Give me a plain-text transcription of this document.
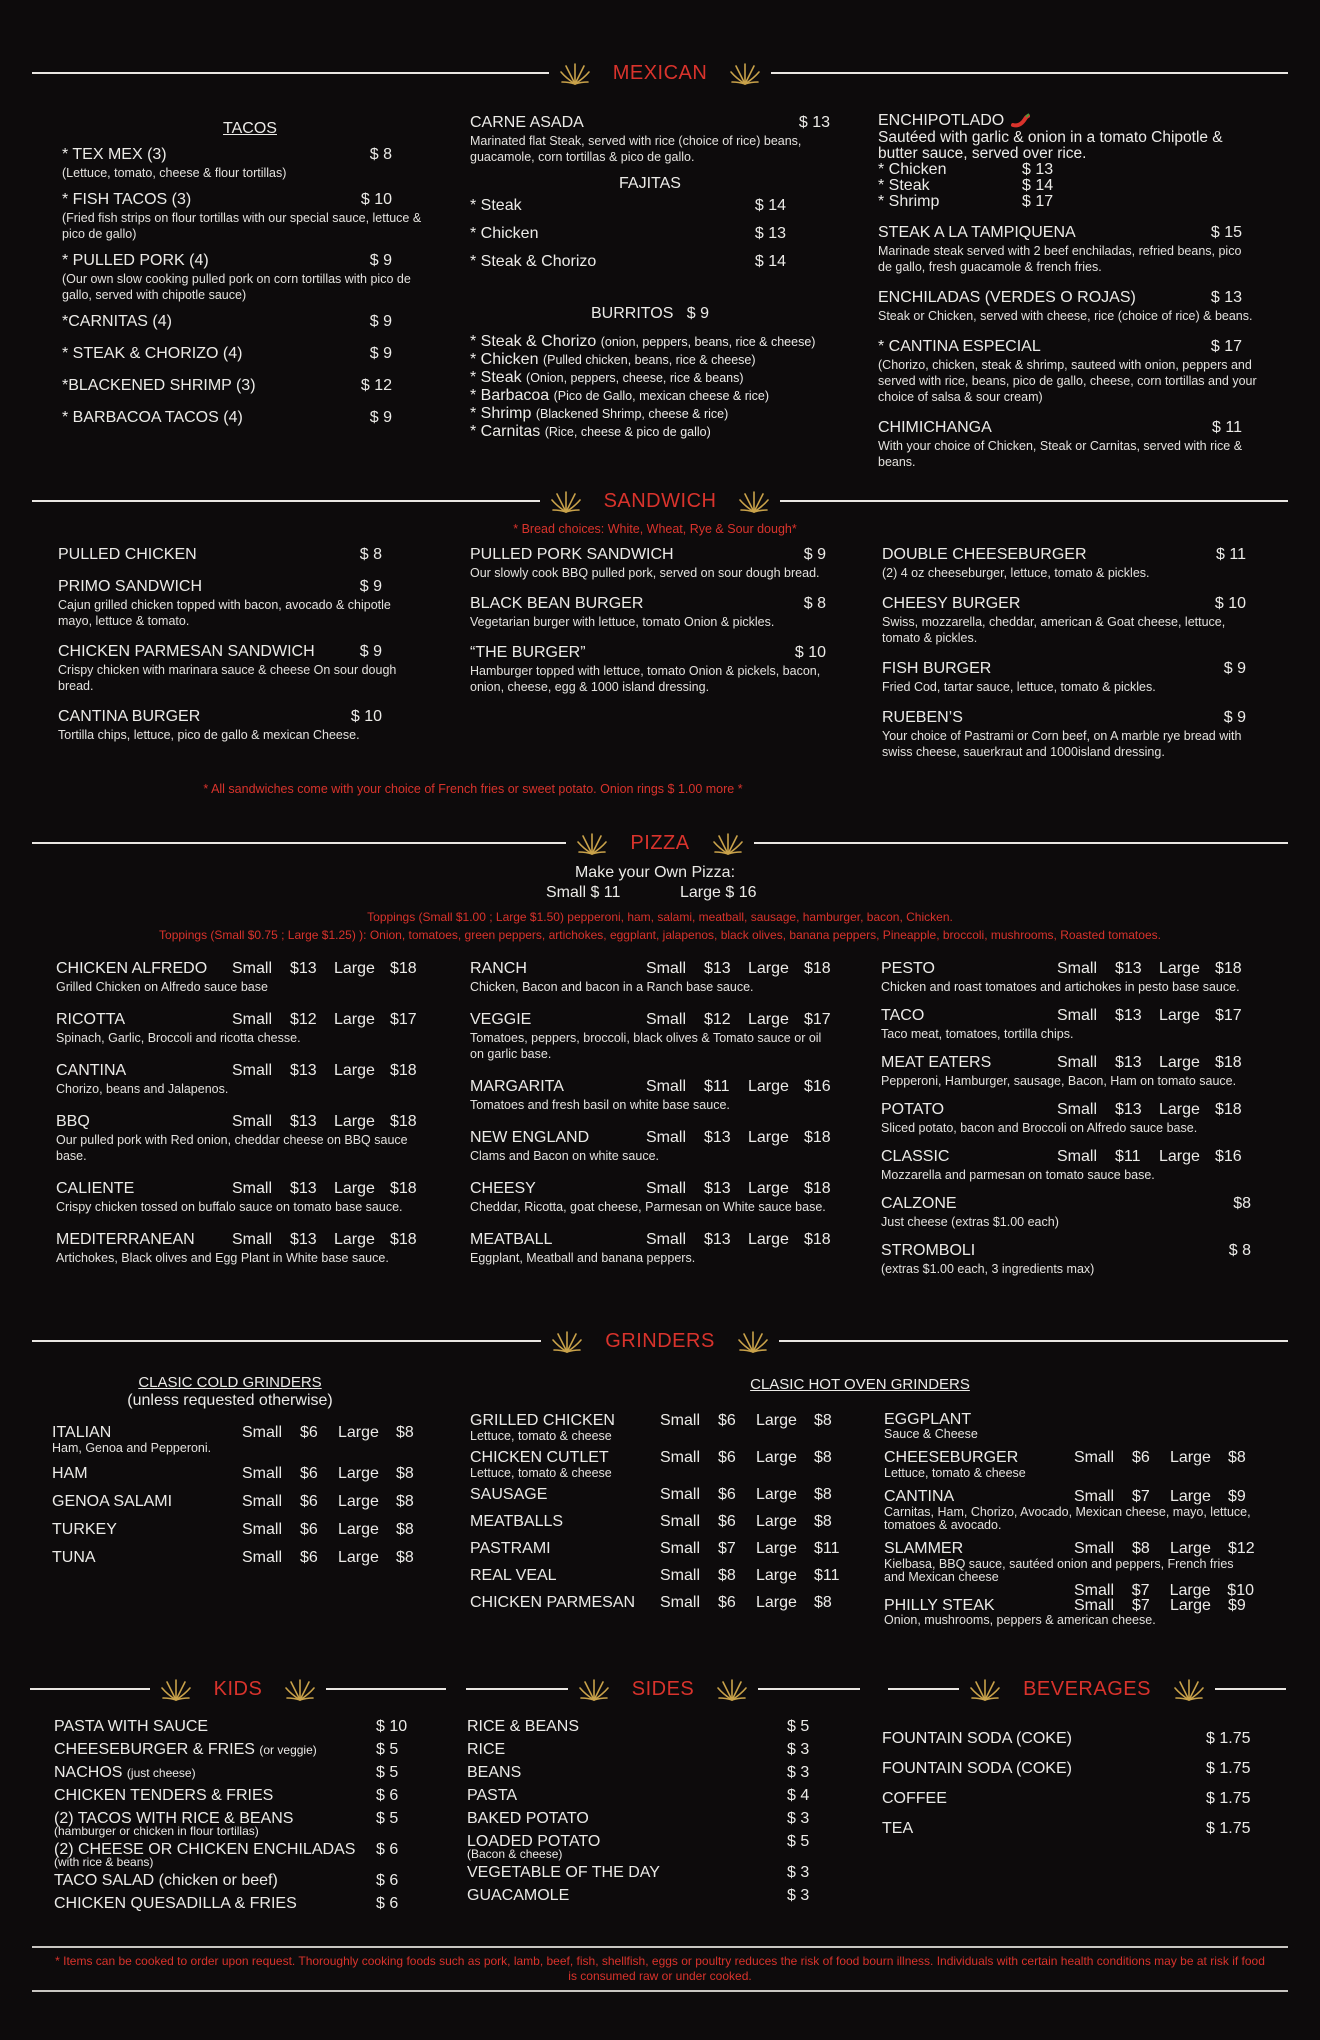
MEXICAN
TACOS
* TEX MEX (3)	$ 8
(Lettuce, tomato, cheese & flour tortillas)
* FISH TACOS (3)	$ 10
(Fried fish strips on flour tortillas with our special sauce, lettuce & pico de gallo)
* PULLED PORK (4)	$ 9
(Our own slow cooking pulled pork on corn tortillas with pico de gallo, served with chipotle sauce)
*CARNITAS (4)	$ 9
* STEAK & CHORIZO (4)	$ 9
*BLACKENED SHRIMP (3)	$ 12
* BARBACOA TACOS (4)	$ 9
CARNE ASADA	$ 13
Marinated flat Steak, served with rice (choice of rice) beans, guacamole, corn tortillas & pico de gallo.
FAJITAS
* Steak	$ 14
* Chicken	$ 13
* Steak & Chorizo	$ 14
BURRITOS $ 9
* Steak & Chorizo (onion, peppers, beans, rice & cheese)
* Chicken (Pulled chicken, beans, rice & cheese)
* Steak (Onion, peppers, cheese, rice & beans)
* Barbacoa (Pico de Gallo, mexican cheese & rice)
* Shrimp (Blackened Shrimp, cheese & rice)
* Carnitas (Rice, cheese & pico de gallo)
ENCHIPOTLADO
Sautéed with garlic & onion in a tomato Chipotle & butter sauce, served over rice.
* Chicken	$ 13
* Steak	$ 14
* Shrimp	$ 17
STEAK A LA TAMPIQUENA	$ 15
Marinade steak served with 2 beef enchiladas, refried beans, pico de gallo, fresh guacamole & french fries.
ENCHILADAS (VERDES O ROJAS)	$ 13
Steak or Chicken, served with cheese, rice (choice of rice) & beans.
* CANTINA ESPECIAL	$ 17
(Chorizo, chicken, steak & shrimp, sauteed with onion, peppers and served with rice, beans, pico de gallo, cheese, corn tortillas and your choice of salsa & sour cream)
CHIMICHANGA	$ 11
With your choice of Chicken, Steak or Carnitas, served with rice & beans.
SANDWICH
* Bread choices: White, Wheat, Rye & Sour dough*
PULLED CHICKEN	$ 8
PRIMO SANDWICH	$ 9
Cajun grilled chicken topped with bacon, avocado & chipotle mayo, lettuce & tomato.
CHICKEN PARMESAN SANDWICH	$ 9
Crispy chicken with marinara sauce & cheese On sour dough bread.
CANTINA BURGER	$ 10
Tortilla chips, lettuce, pico de gallo & mexican Cheese.
PULLED PORK SANDWICH	$ 9
Our slowly cook BBQ pulled pork, served on sour dough bread.
BLACK BEAN BURGER	$ 8
Vegetarian burger with lettuce, tomato Onion & pickles.
“THE BURGER”	$ 10
Hamburger topped with lettuce, tomato Onion & pickels, bacon, onion, cheese, egg & 1000 island dressing.
DOUBLE CHEESEBURGER	$ 11
(2) 4 oz cheeseburger, lettuce, tomato & pickles.
CHEESY BURGER	$ 10
Swiss, mozzarella, cheddar, american & Goat cheese, lettuce, tomato & pickles.
FISH BURGER	$ 9
Fried Cod, tartar sauce, lettuce, tomato & pickles.
RUEBEN’S	$ 9
Your choice of Pastrami or Corn beef, on A marble rye bread with swiss cheese, sauerkraut and 1000island dressing.
* All sandwiches come with your choice of French fries or sweet potato. Onion rings $ 1.00 more *
PIZZA
Make your Own Pizza:
Small $ 11	Large $ 16
Toppings (Small $1.00 ; Large $1.50) pepperoni, ham, salami, meatball, sausage, hamburger, bacon, Chicken.
Toppings (Small $0.75 ; Large $1.25) ): Onion, tomatoes, green peppers, artichokes, eggplant, jalapenos, black olives, banana peppers, Pineapple, broccoli, mushrooms, Roasted tomatoes.
CHICKEN ALFREDO	Small	$13	Large $18
Grilled Chicken on Alfredo sauce base
RICOTTA	Small	$12	Large $17
Spinach, Garlic, Broccoli and ricotta chesse.
CANTINA	Small	$13	Large $18
Chorizo, beans and Jalapenos.
BBQ	Small	$13	Large $18
Our pulled pork with Red onion, cheddar cheese on BBQ sauce base.
CALIENTE	Small	$13	Large $18
Crispy chicken tossed on buffalo sauce on tomato base sauce.
MEDITERRANEAN	Small	$13	Large $18
Artichokes, Black olives and Egg Plant in White base sauce.
RANCH	Small	$13	Large $18
Chicken, Bacon and bacon in a Ranch base sauce.
VEGGIE	Small	$12	Large $17
Tomatoes, peppers, broccoli, black olives & Tomato sauce or oil on garlic base.
MARGARITA	Small	$11	Large $16
Tomatoes and fresh basil on white base sauce.
NEW ENGLAND	Small	$13	Large $18
Clams and Bacon on white sauce.
CHEESY	Small	$13	Large $18
Cheddar, Ricotta, goat cheese, Parmesan on White sauce base.
MEATBALL	Small	$13	Large $18
Eggplant, Meatball and banana peppers.
PESTO	Small	$13	Large $18
Chicken and roast tomatoes and artichokes in pesto base sauce.
TACO	Small	$13	Large $17
Taco meat, tomatoes, tortilla chips.
MEAT EATERS	Small	$13	Large $18
Pepperoni, Hamburger, sausage, Bacon, Ham on tomato sauce.
POTATO	Small	$13	Large $18
Sliced potato, bacon and Broccoli on Alfredo sauce base.
CLASSIC	Small	$11	Large $16
Mozzarella and parmesan on tomato sauce base.
CALZONE	$8
Just cheese (extras $1.00 each)
STROMBOLI	$ 8
(extras $1.00 each, 3 ingredients max)
GRINDERS
CLASIC COLD GRINDERS
(unless requested otherwise)
CLASIC HOT OVEN GRINDERS
ITALIAN	Small	$6	Large	$8
Ham, Genoa and Pepperoni.
HAM	Small	$6	Large	$8
GENOA SALAMI	Small	$6	Large	$8
TURKEY	Small	$6	Large	$8
TUNA	Small	$6	Large	$8
GRILLED CHICKEN	Small	$6	Large	$8
Lettuce, tomato & cheese
CHICKEN CUTLET	Small	$6	Large	$8
Lettuce, tomato & cheese
SAUSAGE	Small	$6	Large	$8
MEATBALLS	Small	$6	Large	$8
PASTRAMI	Small	$7	Large	$11
REAL VEAL	Small	$8	Large	$11
CHICKEN PARMESAN	Small	$6	Large	$8
EGGPLANT
Sauce & Cheese
CHEESEBURGER	Small	$6	Large	$8
Lettuce, tomato & cheese
CANTINA	Small	$7	Large	$9
Carnitas, Ham, Chorizo, Avocado, Mexican cheese, mayo, lettuce, tomatoes & avocado.
SLAMMER	Small	$8	Large	$12
Kielbasa, BBQ sauce, sautéed onion and peppers, French fries and Mexican cheese
Small	$7	Large	$10
PHILLY STEAK	Small	$7	Large	$9
Onion, mushrooms, peppers & american cheese.
KIDS	SIDES	BEVERAGES
PASTA WITH SAUCE	$ 10
CHEESEBURGER & FRIES (or veggie)	$ 5
NACHOS (just cheese)	$ 5
CHICKEN TENDERS & FRIES	$ 6
(2) TACOS WITH RICE & BEANS	$ 5
(hamburger or chicken in flour tortillas)
(2) CHEESE OR CHICKEN ENCHILADAS $ 6
(with rice & beans)
TACO SALAD (chicken or beef)	$ 6
CHICKEN QUESADILLA & FRIES	$ 6
RICE & BEANS	$ 5
RICE	$ 3
BEANS	$ 3
PASTA	$ 4
BAKED POTATO	$ 3
LOADED POTATO	$ 5
(Bacon & cheese)
VEGETABLE OF THE DAY	$ 3
GUACAMOLE	$ 3
FOUNTAIN SODA (COKE)	$ 1.75
FOUNTAIN SODA (COKE)	$ 1.75
COFFEE	$ 1.75
TEA	$ 1.75
* Items can be cooked to order upon request. Thoroughly cooking foods such as pork, lamb, beef, fish, shellfish, eggs or poultry reduces the risk of food bourn illness. Individuals with certain health conditions may be at risk if food is consumed raw or under cooked.
